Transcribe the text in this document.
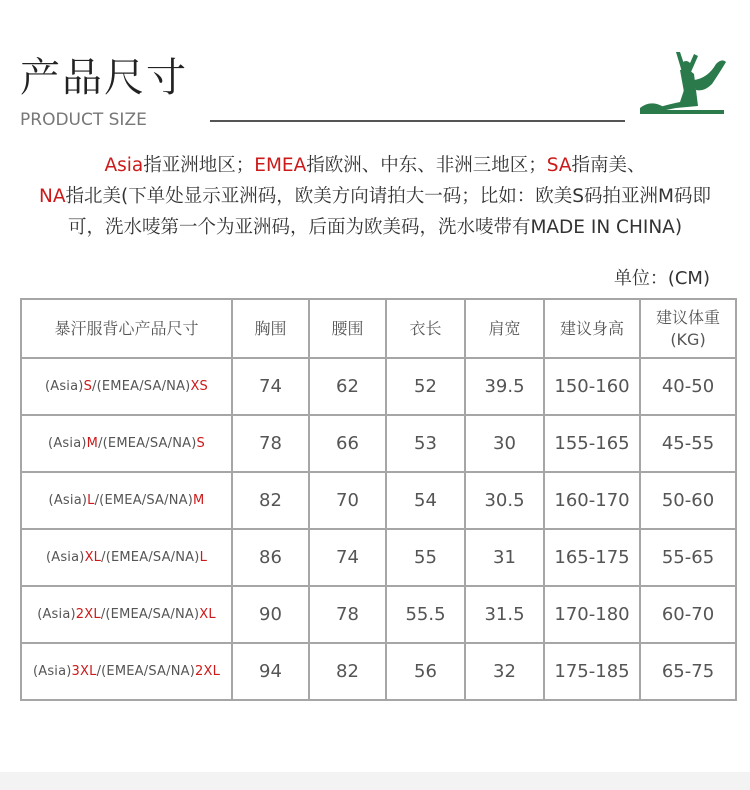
产品尺寸
PRODUCT SIZE
Asia指亚洲地区；EMEA指欧洲、中东、非洲三地区；SA指南美、
NA指北美(下单处显示亚洲码，欧美方向请拍大一码；比如：欧美S码拍亚洲M码即可，洗水唛第一个为亚洲码，后面为欧美码，洗水唛带有MADE IN CHINA)
单位：(CM)
暴汗服背心产品尺寸	胸围	腰围	衣长	肩宽	建议身高	建议体重(KG)
(Asia)S/(EMEA/SA/NA)XS	74	62	52	39.5	150-160	40-50
(Asia)M/(EMEA/SA/NA)S	78	66	53	30	155-165	45-55
(Asia)L/(EMEA/SA/NA)M	82	70	54	30.5	160-170	50-60
(Asia)XL/(EMEA/SA/NA)L	86	74	55	31	165-175	55-65
(Asia)2XL/(EMEA/SA/NA)XL	90	78	55.5	31.5	170-180	60-70
(Asia)3XL/(EMEA/SA/NA)2XL	94	82	56	32	175-185	65-75
